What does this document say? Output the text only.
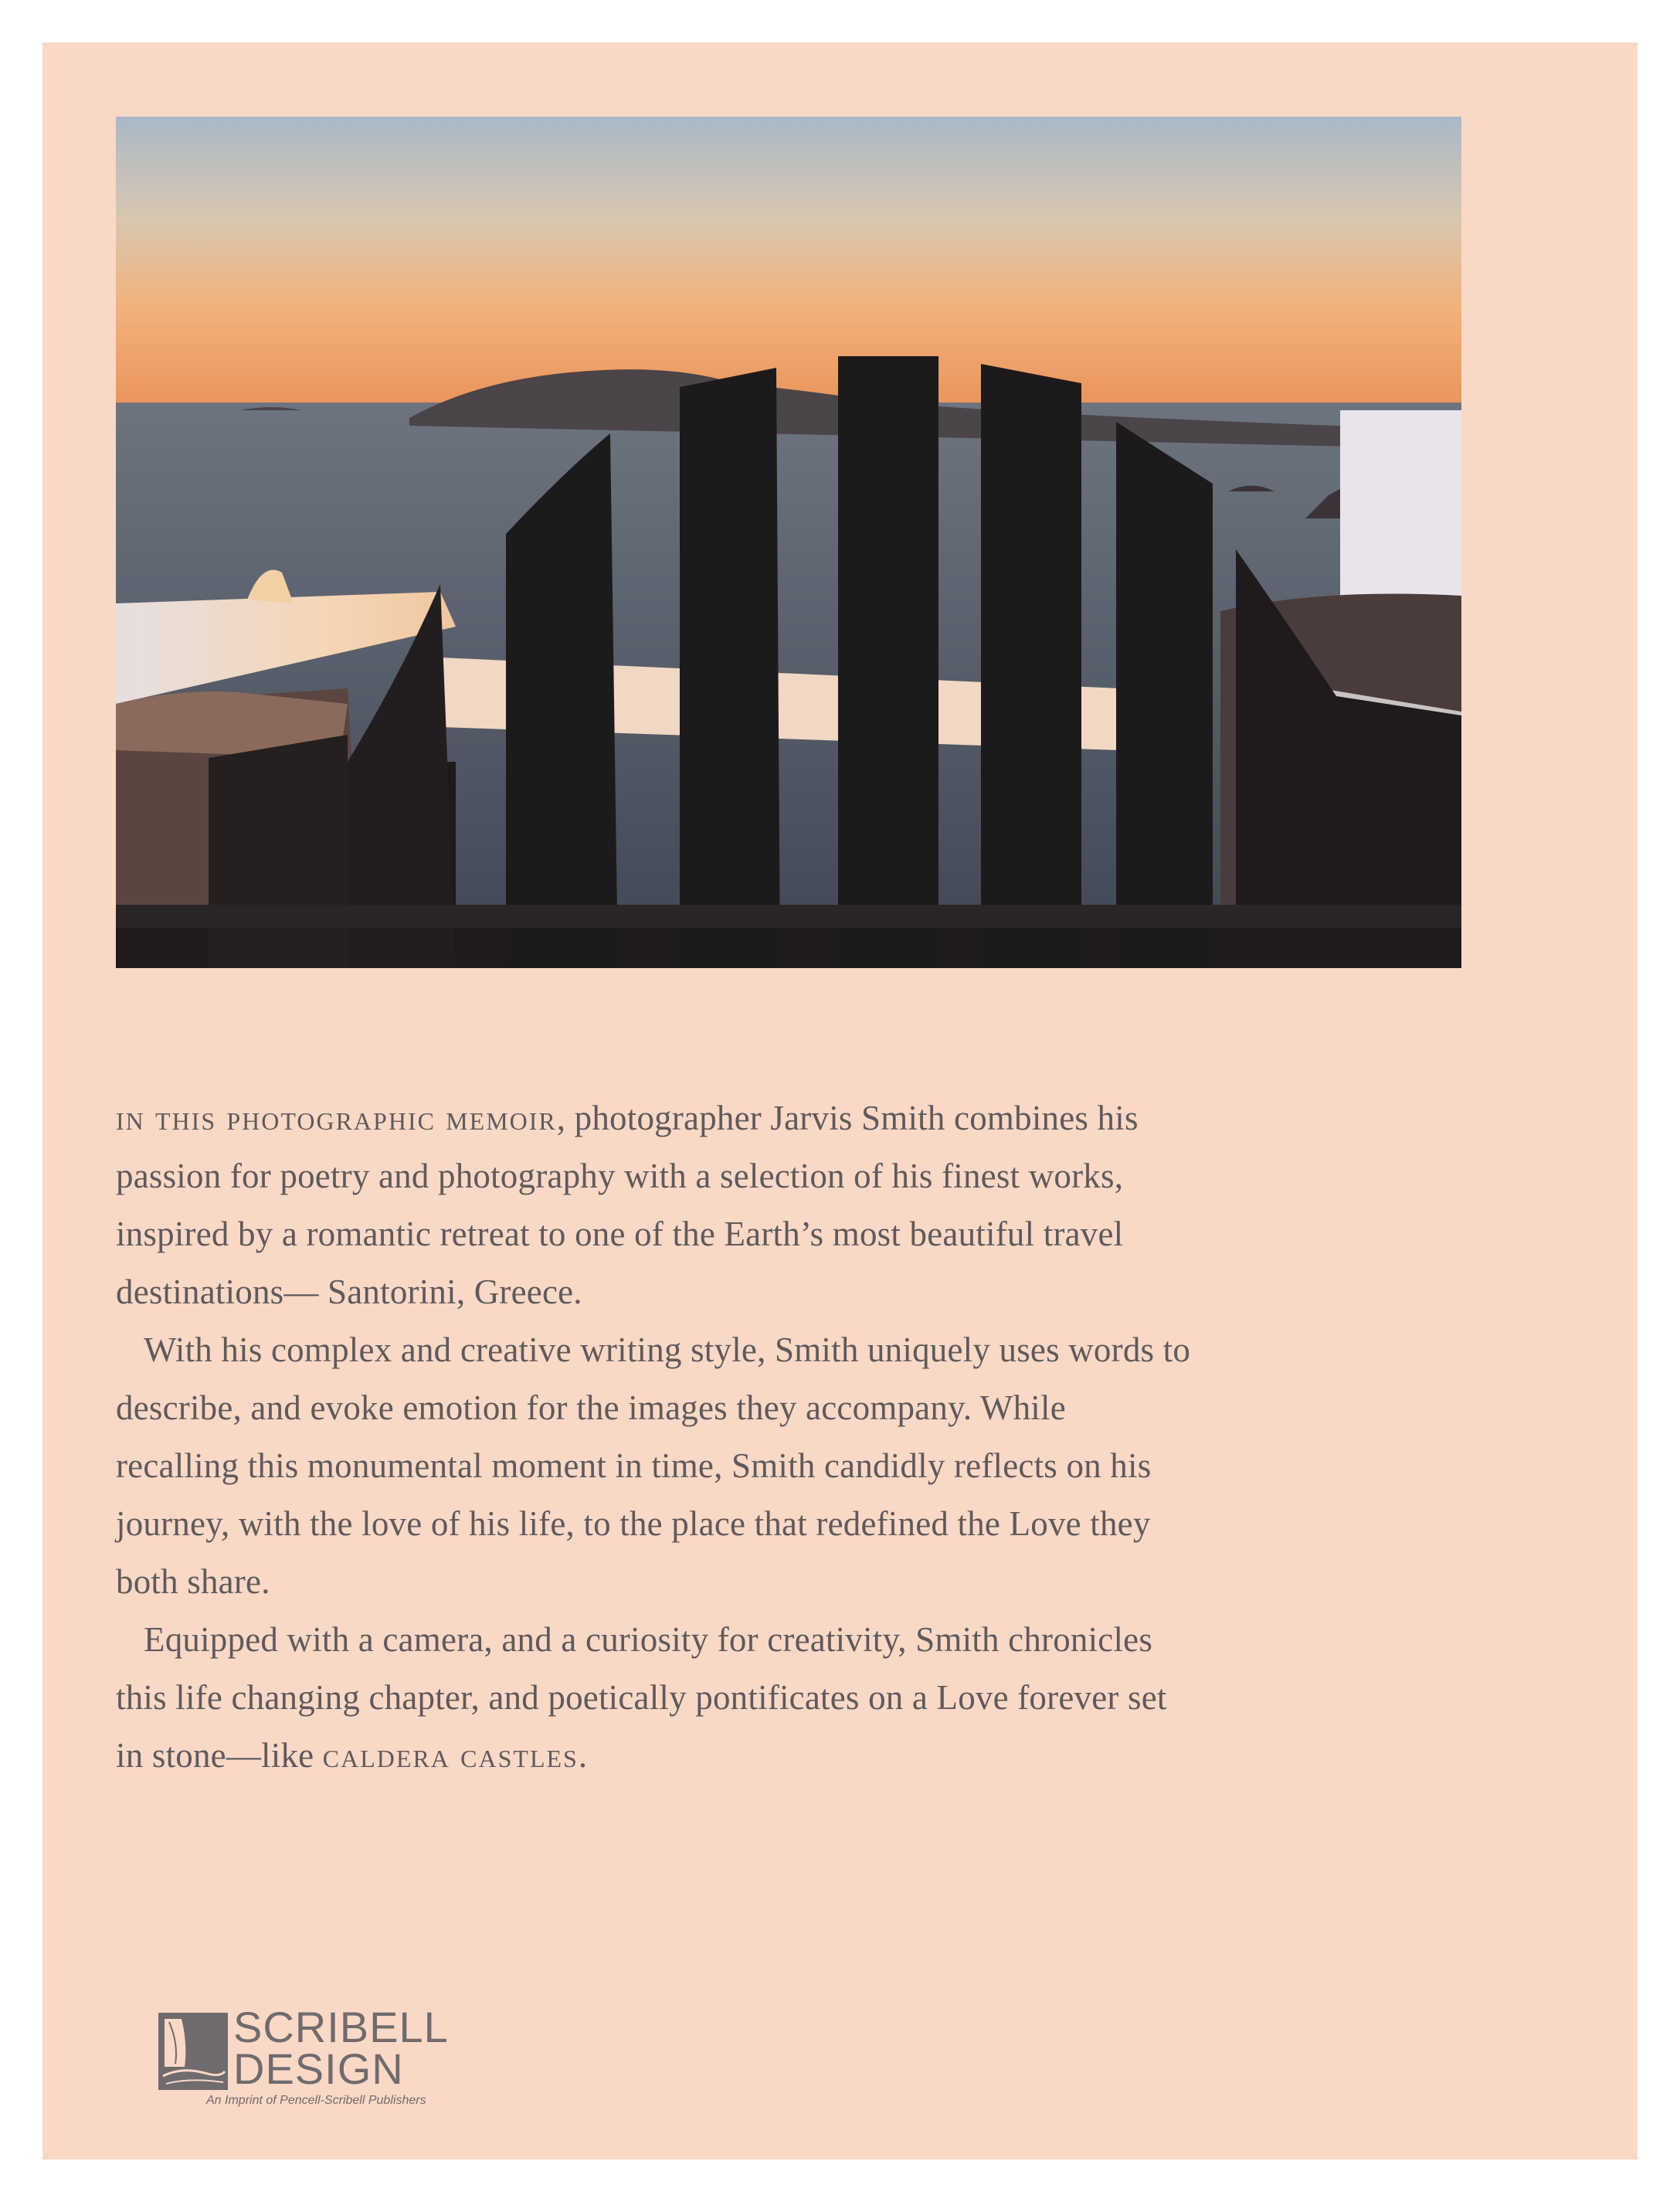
in this photographic memoir, photographer Jarvis Smith combines his passion for poetry and photography with a selection of his finest works, inspired by a romantic retreat to one of the Earth’s most beautiful travel destinations— Santorini, Greece.

With his complex and creative writing style, Smith uniquely uses words to describe, and evoke emotion for the images they accompany. While recalling this monumental moment in time, Smith candidly reflects on his journey, with the love of his life, to the place that redefined the Love they both share.

Equipped with a camera, and a curiosity for creativity, Smith chronicles this life changing chapter, and poetically pontificates on a Love forever set in stone—like caldera castles.

SCRIBELL
DESIGN
An Imprint of Pencell-Scribell Publishers
